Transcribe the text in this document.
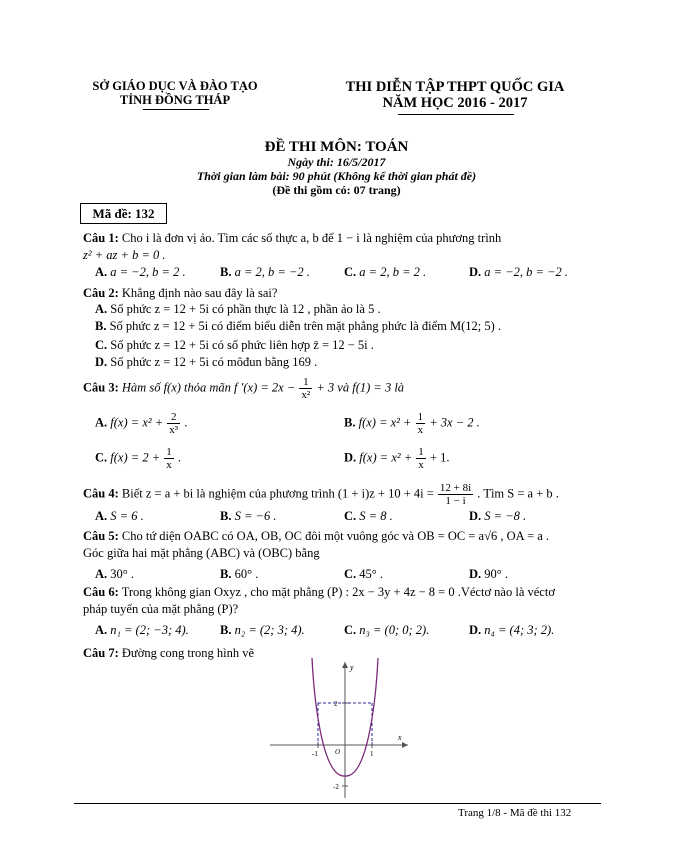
SỞ GIÁO DỤC VÀ ĐÀO TẠO
TỈNH ĐỒNG THÁP
THI DIỄN TẬP THPT QUỐC GIA
NĂM HỌC 2016 - 2017
ĐỀ THI MÔN: TOÁN
Ngày thi: 16/5/2017
Thời gian làm bài: 90 phút (Không kể thời gian phát đề)
(Đề thi gồm có: 07 trang)
Mã đề: 132
Câu 1: Cho i là đơn vị ảo. Tìm các số thực a, b để 1 − i là nghiệm của phương trình
z² + az + b = 0 .
A. a = −2, b = 2 .	B. a = 2, b = −2 .	C. a = 2, b = 2 .	D. a = −2, b = −2 .
Câu 2: Khẳng định nào sau đây là sai?
A. Số phức z = 12 + 5i có phần thực là 12 , phần ảo là 5 .
B. Số phức z = 12 + 5i có điểm biểu diễn trên mặt phẳng phức là điểm M(12; 5) .
C. Số phức z = 12 + 5i có số phức liên hợp z̄ = 12 − 5i .
D. Số phức z = 12 + 5i có môđun bằng 169 .
Câu 3: Hàm số f(x) thỏa mãn f $'(x) = 2x - \frac{1}{\text{x²}} + 3$ và f(1) = 3 là
A. $f(x) = x^2 + \frac{2}{\text{x³}}$ .	B. $f(x) = x^2 + \frac{1}{x} + 3x - 2$ .
C. $f(x) = 2 + \frac{1}{x}$ .	D. $f(x) = x^2 + \frac{1}{x} + 1$.
Câu 4: Biết z = a + bi là nghiệm của phương trình $(1 + i)z + 10 + 4i = \frac{12 + 8i}{1 - i}$ . Tìm S = a + b .
A. S = 6 .	B. S = −6 .	C. S = 8 .	D. S = −8 .
Câu 5: Cho tứ diện OABC có OA, OB, OC đôi một vuông góc và OB = OC = a√6 , OA = a .
Góc giữa hai mặt phẳng (ABC) và (OBC) bằng
A. 30° .	B. 60° .	C. 45° .	D. 90° .
Câu 6: Trong không gian Oxyz , cho mặt phẳng (P) : 2x − 3y + 4z − 8 = 0 .Véctơ nào là véctơ
pháp tuyến của mặt phẳng (P)?
A. n₁ = (2; −3; 4). B. n₂ = (2; 3; 4).	C. n₃ = (0; 0; 2).	D. n₄ = (4; 3; 2).
Câu 7: Đường cong trong hình vẽ
y
x
O
2
-2
-1	1
Trang 1/8 - Mã đề thi 132
